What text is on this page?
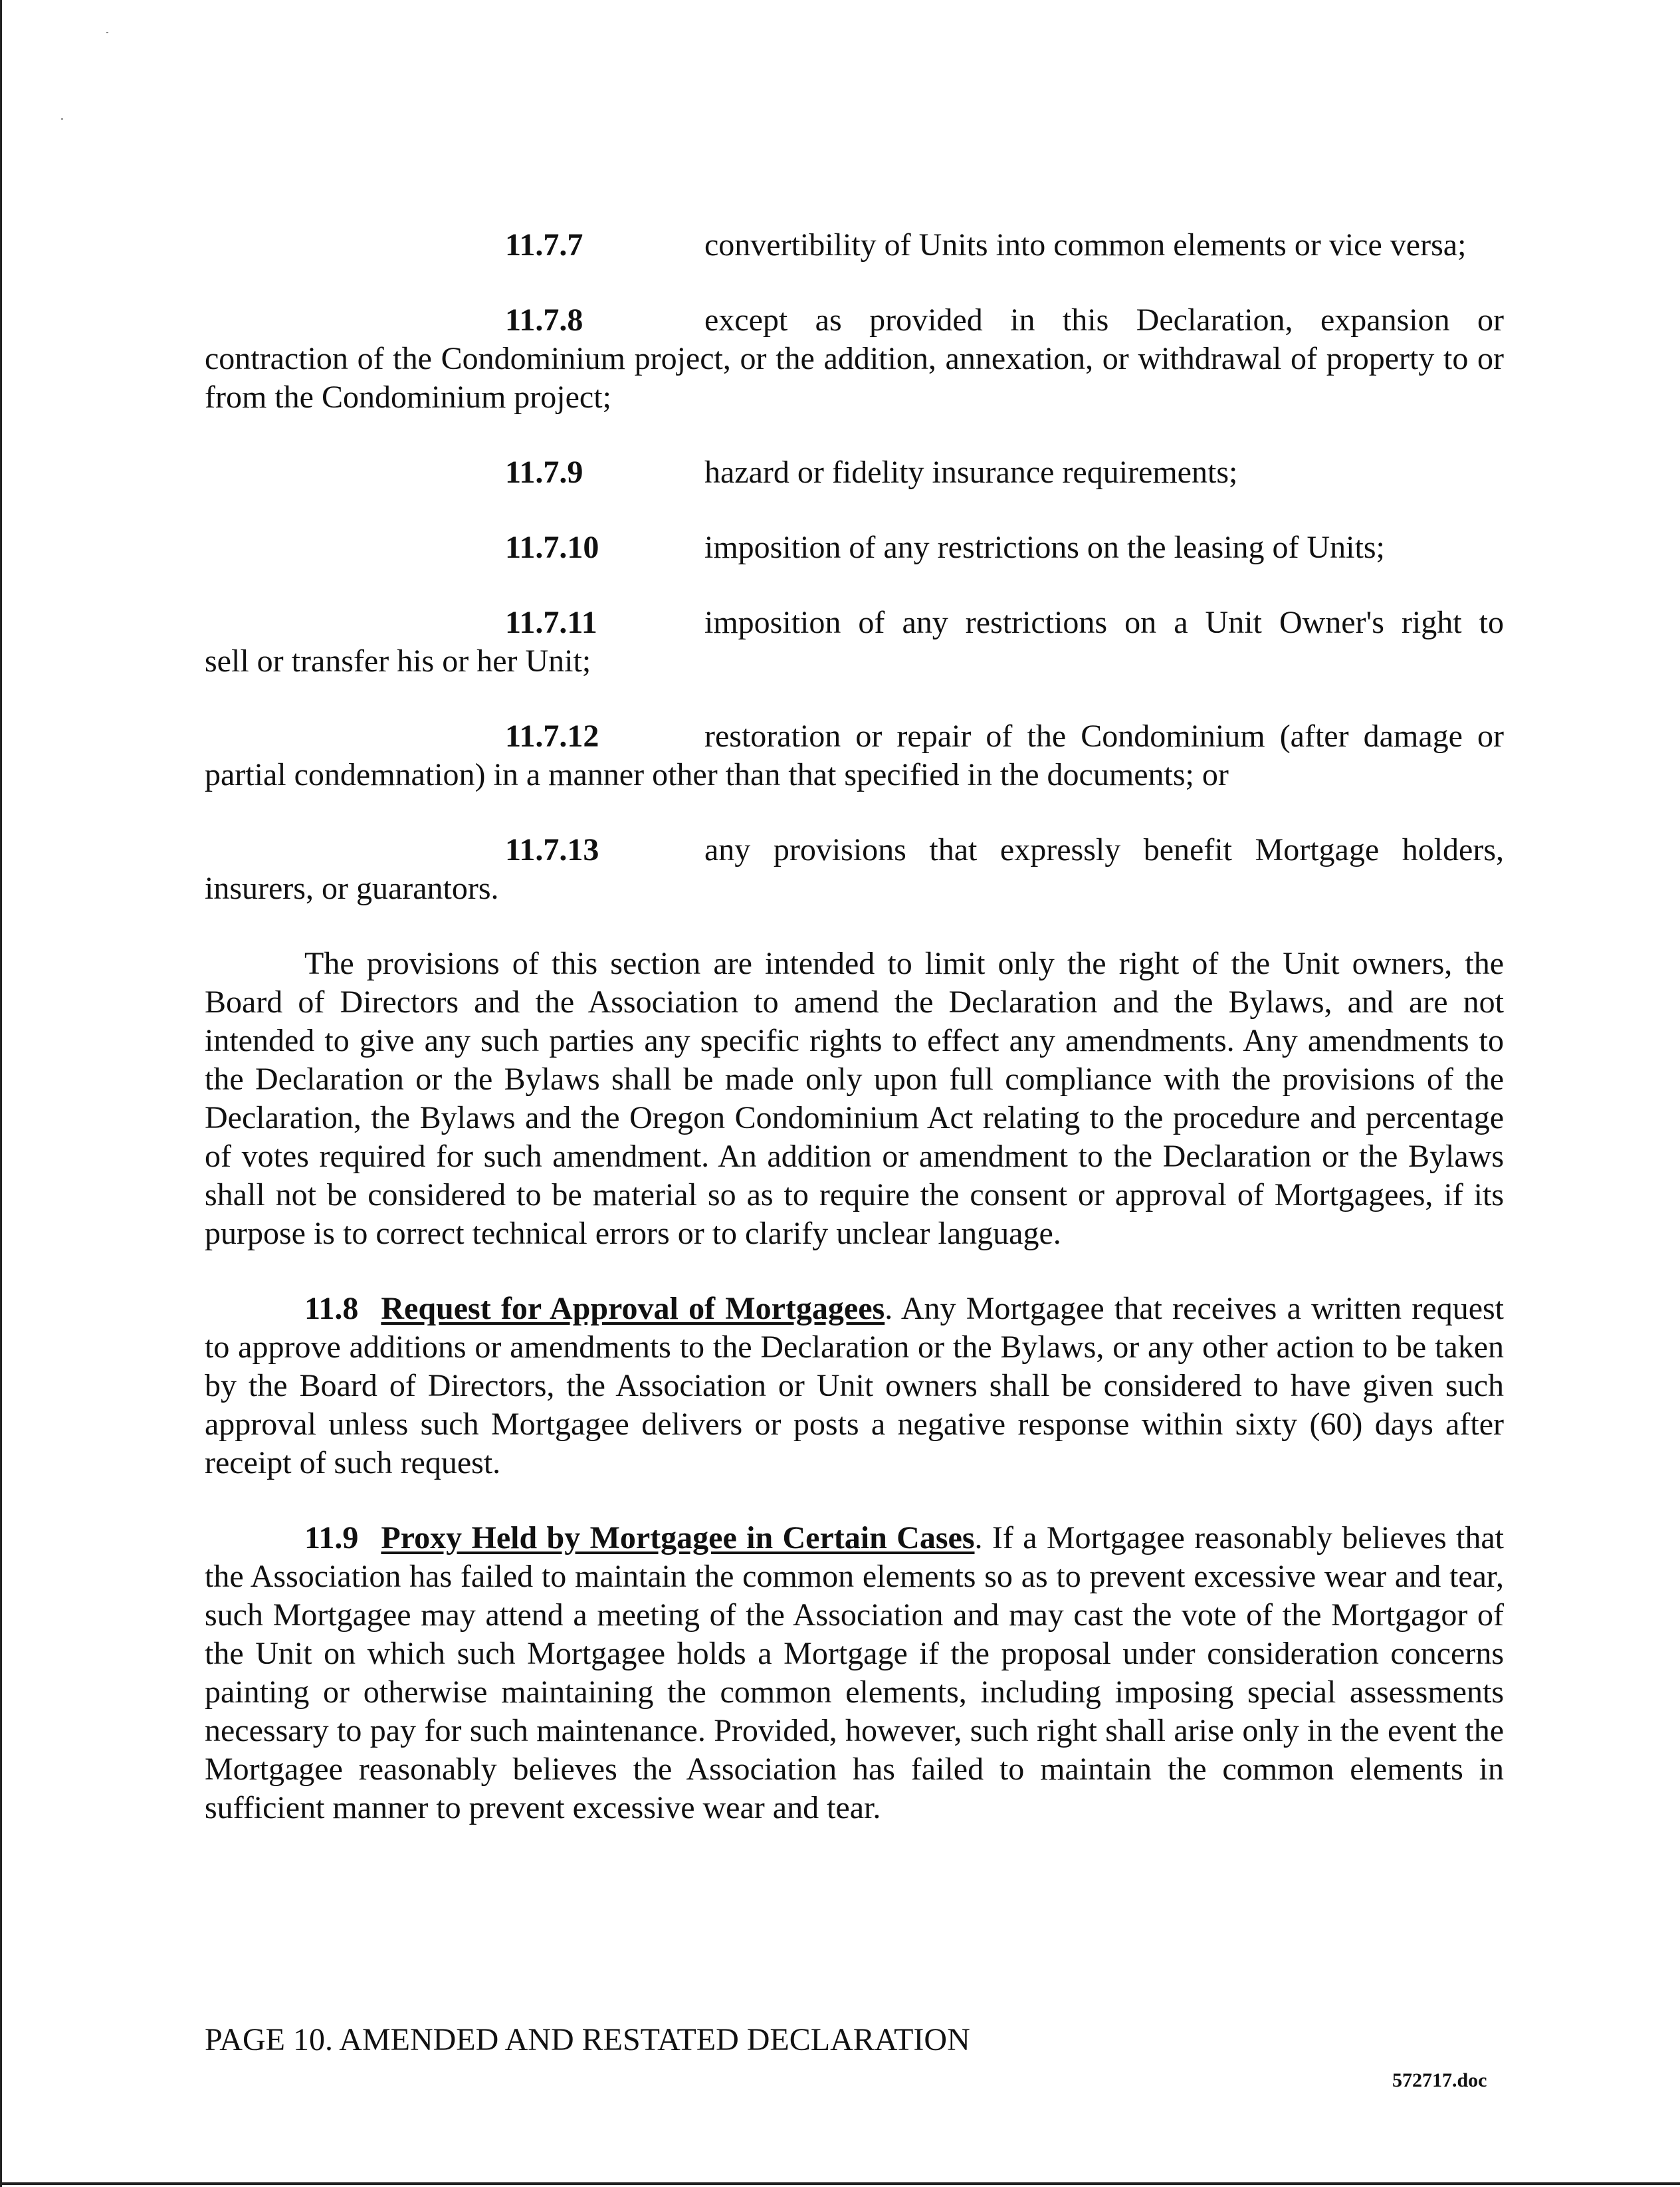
11.7.7	convertibility of Units into common elements or vice versa;
11.7.8	except as provided in this Declaration, expansion or
contraction of the Condominium project, or the addition, annexation, or withdrawal of property to or from the Condominium project;
11.7.9	hazard or fidelity insurance requirements;
11.7.10	imposition of any restrictions on the leasing of Units;
11.7.11	imposition of any restrictions on a Unit Owner's right to
sell or transfer his or her Unit;
11.7.12	restoration or repair of the Condominium (after damage or
partial condemnation) in a manner other than that specified in the documents; or
11.7.13	any provisions that expressly benefit Mortgage holders,
insurers, or guarantors.

The provisions of this section are intended to limit only the right of the Unit owners, the Board of Directors and the Association to amend the Declaration and the Bylaws, and are not intended to give any such parties any specific rights to effect any amendments. Any amendments to the Declaration or the Bylaws shall be made only upon full compliance with the provisions of the Declaration, the Bylaws and the Oregon Condominium Act relating to the procedure and percentage of votes required for such amendment. An addition or amendment to the Declaration or the Bylaws shall not be considered to be material so as to require the consent or approval of Mortgagees, if its purpose is to correct technical errors or to clarify unclear language.

11.8 Request for Approval of Mortgagees. Any Mortgagee that receives a written request to approve additions or amendments to the Declaration or the Bylaws, or any other action to be taken by the Board of Directors, the Association or Unit owners shall be considered to have given such approval unless such Mortgagee delivers or posts a negative response within sixty (60) days after receipt of such request.

11.9 Proxy Held by Mortgagee in Certain Cases. If a Mortgagee reasonably believes that the Association has failed to maintain the common elements so as to prevent excessive wear and tear, such Mortgagee may attend a meeting of the Association and may cast the vote of the Mortgagor of the Unit on which such Mortgagee holds a Mortgage if the proposal under consideration concerns painting or otherwise maintaining the common elements, including imposing special assessments necessary to pay for such maintenance. Provided, however, such right shall arise only in the event the Mortgagee reasonably believes the Association has failed to maintain the common elements in sufficient manner to prevent excessive wear and tear.

PAGE 10. AMENDED AND RESTATED DECLARATION
572717.doc
